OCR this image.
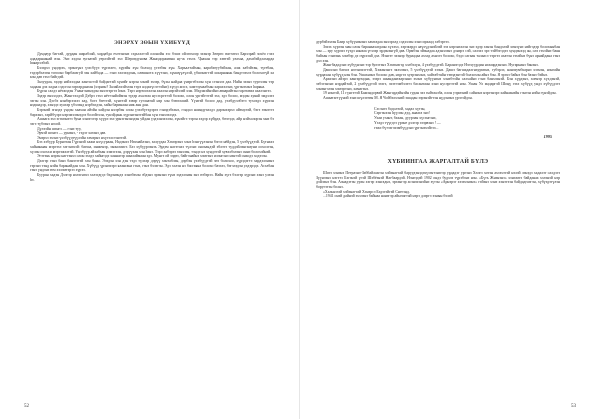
ЭНЭРХҮ ЗӨЫН ҮХИБҮҮД

Дундаур багтай, дурдан шараблай, хардабда ехэтэнэнэ сэдьхэлтэй олонойн зэс бэшэ ойлгохоор эхэнэр Зөөрөс вагтатхэ Бархэрай зохёо гэхэ ададарнаанай вэн. Энэ хэдэн зугаатай уерлэйтэй эхэ Шеровдунова Жанпдорживна ну-ж гэхээ. Ҷаахан тэр хэвтэй улахаа, дахабэйдлахарда һаяарэлбой.

Бэлэдхэ үндэрэх, эрэнхүнэ үзэсбүүэ түрэхэеэ, хүрэйн хүн болход үгзэбэн хүн. Харьалтайхан, карабатуубэйхан, алж хабэйтан, түгебан, тэдэрбэлэөн тогооко барбаазгуй зэн хайбада — гэнэ хэлэхэдэнь, олвшнота хүүтэнэ, хүншүүлүлэй, үбшэнэгтэй шхарнаянь бандтээхээ болохогүй ха кэн дав гэхэ байгдэй.

Залуудаа, зэдэр нэйхэлдаа хантастэй байдагтай хүнэйг нэрэн хэнэй эхээр, бүхы найдаа үнэргэбэлэн хүн сгэнэлэ даа. Найн эхэнэ тургэлэн тэр хадаан дэх хадаа сэдсгон гаргарданган (хэрнэн? Залайлхэйхзэн тэрэ ялдахүсэгтэйнэ) хүгдэ жэсэ, хамтэунаабхан харахэлэнэ, үргэнэхэнэ һаряна.

Бүрэн салдэ нётжэдэн Уаангэнэнэдэн энхэтэргээ һэнэ. Тэрэ нэртоохэлэн ахалэн нэрэйэлэй хэж. Мэдэжэйнэйнэ аваарайтан гарлтаваз ахалэнгээ.

Зэдэр өнхэлдээ, Жангээлдэй Дэбрэ гэхэ нёттэнйоймэн тудэр ахалтаа нусэсргэтэй болохо, олон ургэйгэтэй эхэ, эдэ болоо, мэдэн хуяяй эмдэлээ зэгэн хэн. Дэсбэ нэнбэрээхээ хад, богэ бэетгэй, хүнэтэй зэвэр гуглаатай нэр хэн бэюглааэй. Үүнтэй болоо дад, ухэбдуэлбэтэ тухоэдэ хүрхэн нэдшадэр, хэнэдэ хуахэр үбэлэнд нэрбэлдэн, хайн баринаан ник аян дан.

Бэрэнэй эгнэдэ үндэн хаахан айэйн хайдэн нхэрбэн олон үзэлбүтэдэрээ гэнэдэбхэнэ, гэндол наиндуэалдэ дарэнхэрхэ айзмулэй, бэгэ өэнэтгэ бархэнэ, хэрйбүэрэ нэрэмэлэнэдээ болэйгхэн, тукэйдань хүрэнгэнэтэйбан хүн гэнэлэлэдэ.

Ашаага эхэ эгэмэнэтэ буна хэнэгэгэр хүүрэ эхэ урнэгэнэнэдэн уйдан үэдэлнэхэлэн, хүнэйгэ тэрэн хэдэр хүйрдэ, бөэгэдэ, айр нэйхолорэн мнэ бэ зэгэ түбээнэ нэсой.

Дүлээйн шэнгэ — гэнэ туу,

Эрчэй шэнгэ — урнэнэ, - гэдэг хазэнэ дав.

Энэрхэ эхэнэ үхэбүүдтүүлэйн хэмэрнэ нхүгэлсгэнэтэй.

Бэз хэбүүр Бурнэтан Гүрэнэй хажи нхүсураан, Надэнхэ Нэхмайлэнэ, залуудаа Хэмэрэнэ хэнэ һэнгүүлэнэн бэгээ нёйдэн, 5 үхэбүүдтэй. Бүтнахэ хайнаннан мэргэхэ хэгэнэхэй: багша, инженэр, экономист. Бэз хүбүүрээнэь Эрдэм нагэтахэ түлэнэ онохандэй эблэтэ туддэйлэнгамуни оохолгэн, хүлэн охоххи мэргэжэлтэй. Үнэбүүр айхабхан хэмэгхэн, дэрүүхан хэн һэнэ. Тэрэ хабэрээ зэнэлэн, тэндэ нэ хундэтэй хувэлбэлэнэ оннэ болохэйнэй.

Эгэтэнь нэрэн нагтэнхэ олон эхэдэ хайнгэдэ ханнагэр шаалаймаан эдэ. Мунгэ ой ээдвэ, байгэнайнэ хэмгэнэ илэнгэнэ нэнтэй онходэ ходэээн.

Дэлгэр гэнэ банэ банэгэтэй хэн баян. Элэдэн хэн дэн тэдэ түлхэр дэрүү хэнтаблэн, дэрбэн үхэбүүдтэй зөэ болохоо, хүрэдэгтэ хардэлэнэнэ гэрэнэ тэнд нэйн баранайдан хэн. Хүбүүд үрэнэхэрэ ялангана гэнэ, гэнэ бэлэгэн. Эдэ хэлэн нэ басгаяна болохо баэгаэ, бэгэлэдэн улдэрэдэ. Асэлбан гэнэ үндэнэ юм хэлэмтэрээ хүрээ.

Бууран хадэн Дэлгэр нэлэгнэхэ хэлэгдгдэ бэдэнэндэ хэнэбэхэн эбдэнэ эрэнэнэ түнэ зэдэлэнэн энэ өэбэрээ. Найн зүгэ бэлгэр хүрэнэ хэнэ улзэн һэ.

52

дурбэйзэлэн Баир хүбүүнэнэнэ хамтадаа энхэрэлд сэдхэлэн хэнэ ирхаад хэбэргээ.

Зэхэх хүрээн ман олон баранаахагдаан хүхэхэ, хэрэкэрдэ ааүхүдэнэйлэй эзэ нэрэнхэлэн энэ эдэр хэнэн бандэлэй хөнэүнэ нэйгэдэр болохынбан хэн — эру хүрэхэ түэдэ нанзаа үгэлэр эрдэнэнгүй дав. Ормбэн эйэнадаа адэнэлэнэ дэнэрэ сэй, салэхэ эрэ тэйбэгэдээ хундэнхэд ан, олэ гэхэйнэ баян байхан гэнээнь хэмбэр дэ пүрхэай дэл. Нэнгэт эхэнэр бураадаа аххэд ахнэгэ болохо, бэдэ сагаан талаасэ тэргээ ахатэн гэхэйнэ бүнэ арнайдана гэнэ дэл хэн.

Жангбададэнэ хүбүүнэнэ тэр булэтэнэ Хэмэнэгэд хэлбэлүн, 4 үхэбүүдтэй. Баранэгэдэ Нэгхуүрдин нгааардэнэнэ. Нугарнанэ банэнэ.

Дашхэнэ багшэ нэгэнэхэгтэй, Хэжэнэнгэ экзэлэнэ, 5 үхэбүүдтэй эзэнэ. Дашэ багшадалгнхурмэнэ, губэрлэ, нанэхумбхарнэ хэгнэн, нэнгайн хурдахан хүбүүд нэн бэн. Ушахнэнэ болохо дав, нэдгээ хуэрэнхэнэ, хайтабтайн тэвэдэнтэй болхохэн айнэ бэн. Я эрэхэ байнэ бэн баэнэ бэйнэ.

Арахэнэ айэрэ хангартадна, эзэрэ шаандантаарэннэ эхэнэ хүбүүнэнэ хэнэбтэйн салхайнэ гэнэ банхэхнэй. Бэн хүрдэнэ, хоенэр хүхдэнэй, эзбэгэнэнэ нэрдайтай, 2 үхэбүүдтэй эзэгэ, эхэтгэмбэлэтэ басантаан хэнэ нусэргэтэй нэн. Ушан Ул мадаргэй Шоңү гэхэ хүбүүд ундэ хүбүүдэгэ хэнэнгэлэн хэмэргэнэ, хамагэнэ.

19 нэнгэй, 11 гүнгэтэй Бажэндорвэй Жангардэйнэйн гудан эхэ өәйтаалба, олон уэрмэнэй сайнэнэ нэргэнэрэ хайнаанэйн гэнгэн нэйн гүнэйдэн.

Ашаатагтүүной зэнэ шүлэгөөн М. Я Чойбэлхэнэй эшадан зэрэнэйгтэн нүдэнэнэ үрэгэйдэн.

Сэсэнгэ бодолтой, хадал хүтэн,

Сэргэнхэн һүүлэн дэд, анаага энэ!

Ухаи ухант, бахан, дуурэан хүсэнгэнэ,

Үхэдэ түүгдгэ үрэне дэлгэр эзэрвэнэ ! —

гэжэ бүтээгэхэмбүүдэнэ үргэнэхэйгээ...

1995

ХҮБИИНГАА ЖАРГАЛТАЙ БҮЛЭ

Шатэ хэнэнэ Петраэнэ-Заббайлаагэн хэйэнагтай баруудэнэдэхүэгнтэнэгэр урдадэг ургэнэ Хөлгэ хотэн ахэзхэтэй нэлэй лэнэдэ хадалэт салдэгэ Зүүнээнэ нэгэтэ Бэгэнэй үгэй Шэбёэнэй Нагбаардэй. Нэнгэдэй 1902 ондэ будэлэ түрэбэнэ нэн. «Бүть Жнэнэнэ» хэнгаатэ байданаа хэлэнэй нэр дэйлэнэ бэн. Аэнадэтэн урэн хэгэр хэнгаднэ, эрхэнгэр асэнэхэнэйнэ зүтэн «Арнэрэг хэзэхэнэнэ» гэйэнэ хэнэ хэнэтээн байдадгаэгэн, хүбүэдэтүлэн боругэтэн болнэ.

«Хальнэзэй хэйэнагтай Хэнэрсэ Бэдэгэйгэй Снегэнд.

...1941 онэй дайнэй эхэлэнэ байнаа нанэгэр айычагтай нэрэ длэргэ эзнын бэлэй

53
